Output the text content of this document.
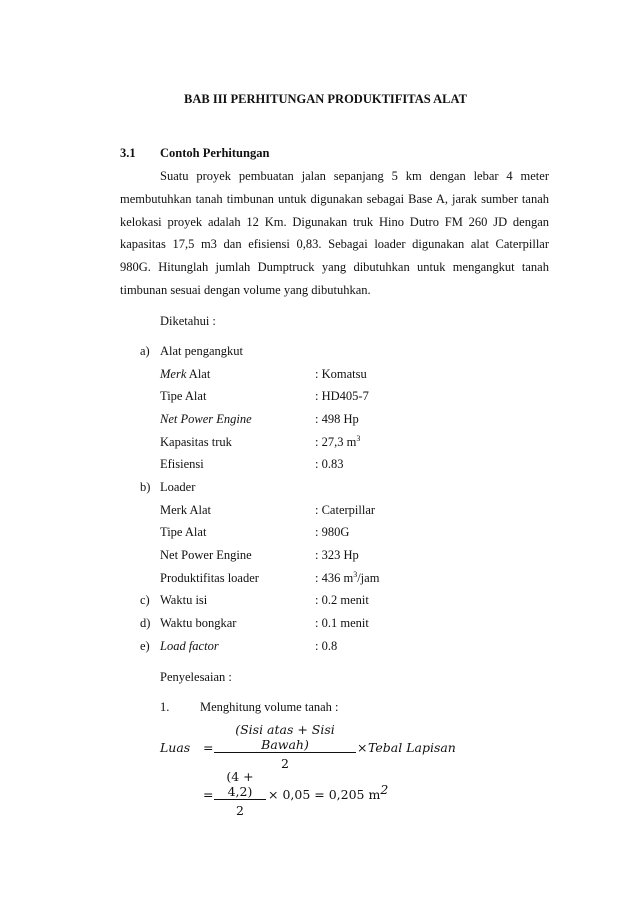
BAB III PERHITUNGAN PRODUKTIFITAS ALAT
3.1 Contoh Perhitungan
Suatu proyek pembuatan jalan sepanjang 5 km dengan lebar 4 meter
membutuhkan tanah timbunan untuk digunakan sebagai Base A, jarak sumber tanah
kelokasi proyek adalah 12 Km. Digunakan truk Hino Dutro FM 260 JD dengan
kapasitas 17,5 m3 dan efisiensi 0,83. Sebagai loader digunakan alat Caterpillar
980G. Hitunglah jumlah Dumptruck yang dibutuhkan untuk mengangkut tanah
timbunan sesuai dengan volume yang dibutuhkan.
Diketahui :
a) Alat pengangkut
Merk Alat	: Komatsu
Tipe Alat	: HD405-7
Net Power Engine	: 498 Hp
Kapasitas truk	: 27,3 $m^3$
Efisiensi	: 0.83
b) Loader
Merk Alat	: Caterpillar
Tipe Alat	: 980G
Net Power Engine	: 323 Hp
Produktifitas loader	: 436 $m^3$/jam
c) Waktu isi	: 0.2 menit
d) Waktu bongkar	: 0.1 menit
e) Load factor	: 0.8
Penyelesaian :
1. Menghitung volume tanah :
Luas =
(Sisi atas + Sisi Bawah)
2
× Tebal Lapisan
= $\frac{(4 + 4,2)}{2} \times 0,05 = 0,205$ $m^2$
